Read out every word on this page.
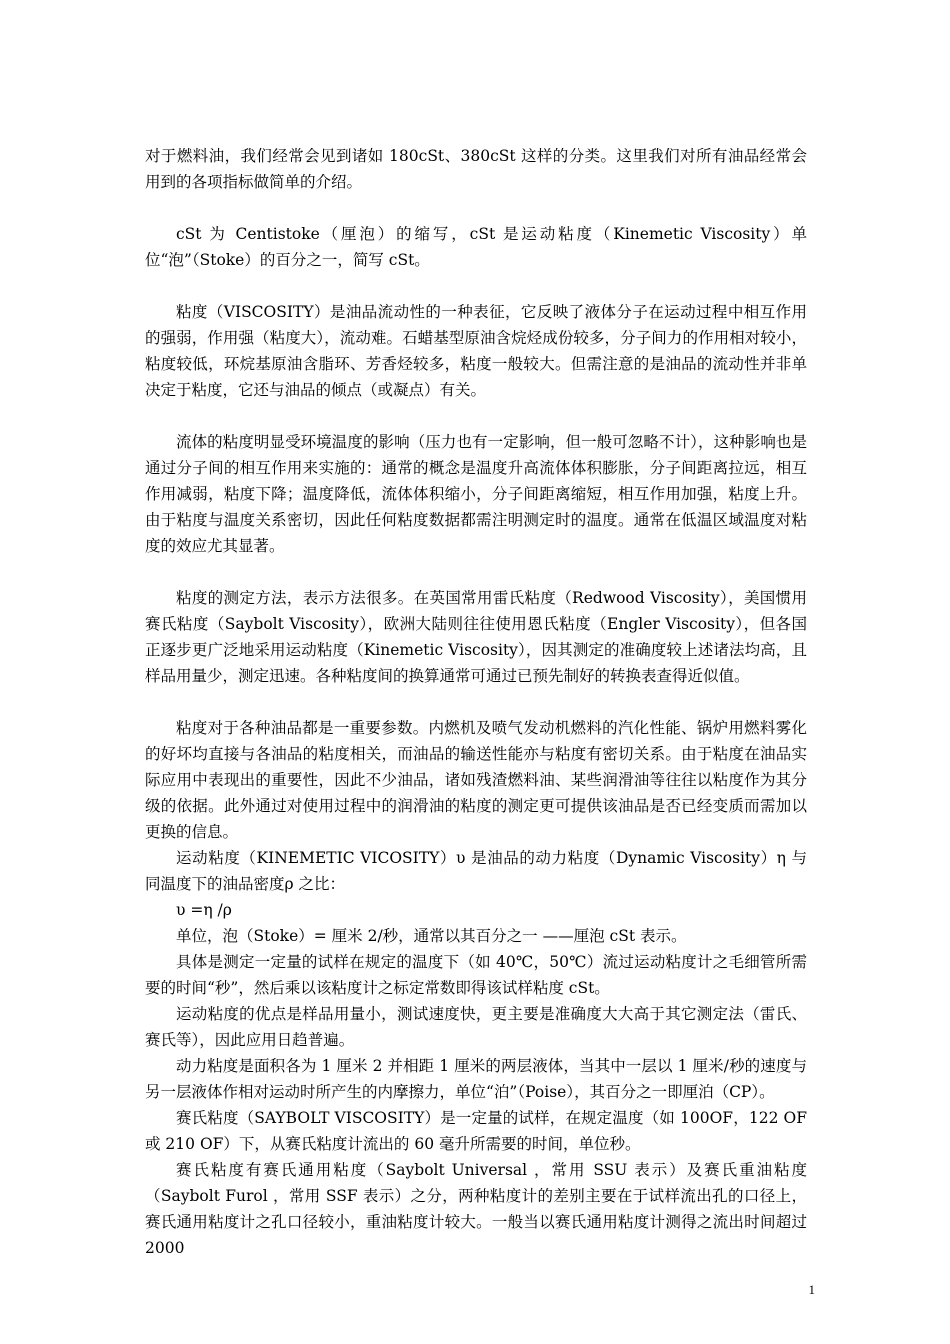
对于燃料油，我们经常会见到诸如 180cSt、380cSt 这样的分类。这里我们对所有油品经常会用到的各项指标做简单的介绍。

cSt 为 Centistoke（厘泡）的缩写，cSt 是运动粘度（Kinemetic Viscosity）单位“泡”（Stoke）的百分之一，简写 cSt。

粘度（VISCOSITY）是油品流动性的一种表征，它反映了液体分子在运动过程中相互作用的强弱，作用强（粘度大），流动难。石蜡基型原油含烷烃成份较多，分子间力的作用相对较小，粘度较低，环烷基原油含脂环、芳香烃较多，粘度一般较大。但需注意的是油品的流动性并非单决定于粘度，它还与油品的倾点（或凝点）有关。

流体的粘度明显受环境温度的影响（压力也有一定影响，但一般可忽略不计），这种影响也是通过分子间的相互作用来实施的：通常的概念是温度升高流体体积膨胀，分子间距离拉远，相互作用减弱，粘度下降；温度降低，流体体积缩小，分子间距离缩短，相互作用加强，粘度上升。由于粘度与温度关系密切，因此任何粘度数据都需注明测定时的温度。通常在低温区域温度对粘度的效应尤其显著。

粘度的测定方法，表示方法很多。在英国常用雷氏粘度（Redwood Viscosity），美国惯用赛氏粘度（Saybolt Viscosity），欧洲大陆则往往使用恩氏粘度（Engler Viscosity），但各国正逐步更广泛地采用运动粘度（Kinemetic Viscosity），因其测定的准确度较上述诸法均高，且样品用量少，测定迅速。各种粘度间的换算通常可通过已预先制好的转换表查得近似值。

粘度对于各种油品都是一重要参数。内燃机及喷气发动机燃料的汽化性能、锅炉用燃料雾化的好坏均直接与各油品的粘度相关，而油品的输送性能亦与粘度有密切关系。由于粘度在油品实际应用中表现出的重要性，因此不少油品，诸如残渣燃料油、某些润滑油等往往以粘度作为其分级的依据。此外通过对使用过程中的润滑油的粘度的测定更可提供该油品是否已经变质而需加以更换的信息。

运动粘度（KINEMETIC VICOSITY）υ 是油品的动力粘度（Dynamic Viscosity）η 与同温度下的油品密度ρ 之比：

υ =η /ρ

单位，泡（Stoke）= 厘米 2/秒，通常以其百分之一 ——厘泡 cSt 表示。

具体是测定一定量的试样在规定的温度下（如 40℃，50℃）流过运动粘度计之毛细管所需要的时间“秒”，然后乘以该粘度计之标定常数即得该试样粘度 cSt。

运动粘度的优点是样品用量小，测试速度快，更主要是准确度大大高于其它测定法（雷氏、赛氏等），因此应用日趋普遍。

动力粘度是面积各为 1 厘米 2 并相距 1 厘米的两层液体，当其中一层以 1 厘米/秒的速度与另一层液体作相对运动时所产生的内摩擦力，单位“泊”（Poise），其百分之一即厘泊（CP）。

赛氏粘度（SAYBOLT VISCOSITY）是一定量的试样，在规定温度（如 100OF，122 OF 或 210 OF）下，从赛氏粘度计流出的 60 毫升所需要的时间，单位秒。

赛氏粘度有赛氏通用粘度（Saybolt Universal ，常用 SSU 表示）及赛氏重油粘度（Saybolt Furol ，常用 SSF 表示）之分，两种粘度计的差别主要在于试样流出孔的口径上，赛氏通用粘度计之孔口径较小，重油粘度计较大。一般当以赛氏通用粘度计测得之流出时间超过 2000

1
